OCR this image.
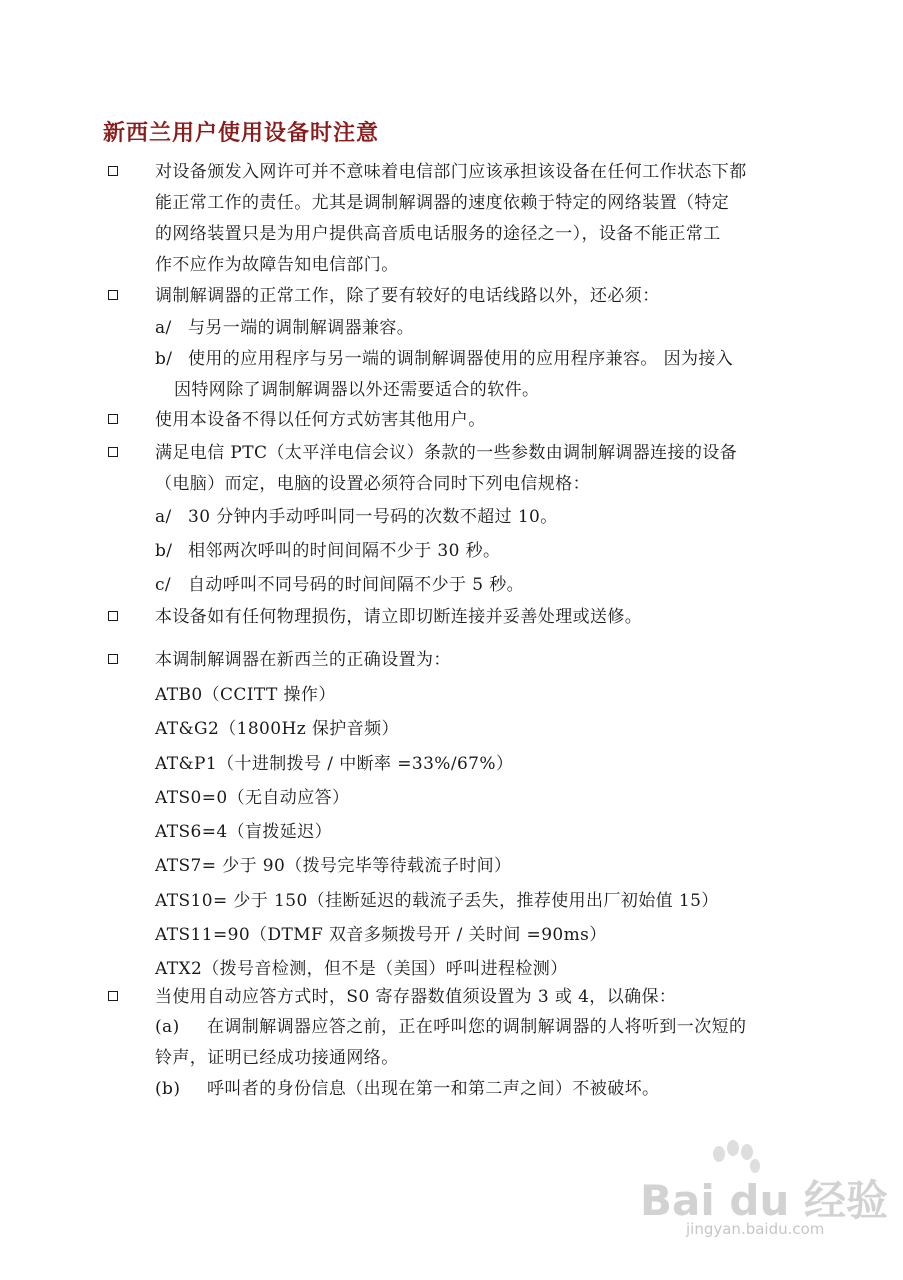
新西兰用户使用设备时注意
对设备颁发入网许可并不意味着电信部门应该承担该设备在任何工作状态下都
能正常工作的责任。尤其是调制解调器的速度依赖于特定的网络装置（特定
的网络装置只是为用户提供高音质电话服务的途径之一），设备不能正常工
作不应作为故障告知电信部门。
调制解调器的正常工作，除了要有较好的电话线路以外，还必须：
a/ 与另一端的调制解调器兼容。
b/ 使用的应用程序与另一端的调制解调器使用的应用程序兼容。 因为接入
因特网除了调制解调器以外还需要适合的软件。
使用本设备不得以任何方式妨害其他用户。
满足电信 PTC（太平洋电信会议）条款的一些参数由调制解调器连接的设备
（电脑）而定，电脑的设置必须符合同时下列电信规格：
a/ 30 分钟内手动呼叫同一号码的次数不超过 10。
b/ 相邻两次呼叫的时间间隔不少于 30 秒。
c/ 自动呼叫不同号码的时间间隔不少于 5 秒。
本设备如有任何物理损伤，请立即切断连接并妥善处理或送修。
本调制解调器在新西兰的正确设置为：
ATB0（CCITT 操作）
AT&G2（1800Hz 保护音频）
AT&P1（十进制拨号 / 中断率 =33%/67%）
ATS0=0（无自动应答）
ATS6=4（盲拨延迟）
ATS7= 少于 90（拨号完毕等待载流子时间）
ATS10= 少于 150（挂断延迟的载流子丢失，推荐使用出厂初始值 15）
ATS11=90（DTMF 双音多频拨号开 / 关时间 =90ms）
ATX2（拨号音检测，但不是（美国）呼叫进程检测）
当使用自动应答方式时，S0 寄存器数值须设置为 3 或 4，以确保：
(a) 在调制解调器应答之前，正在呼叫您的调制解调器的人将听到一次短的
铃声，证明已经成功接通网络。
(b) 呼叫者的身份信息（出现在第一和第二声之间）不被破坏。
Bai du 经验
jingyan.baidu.com
